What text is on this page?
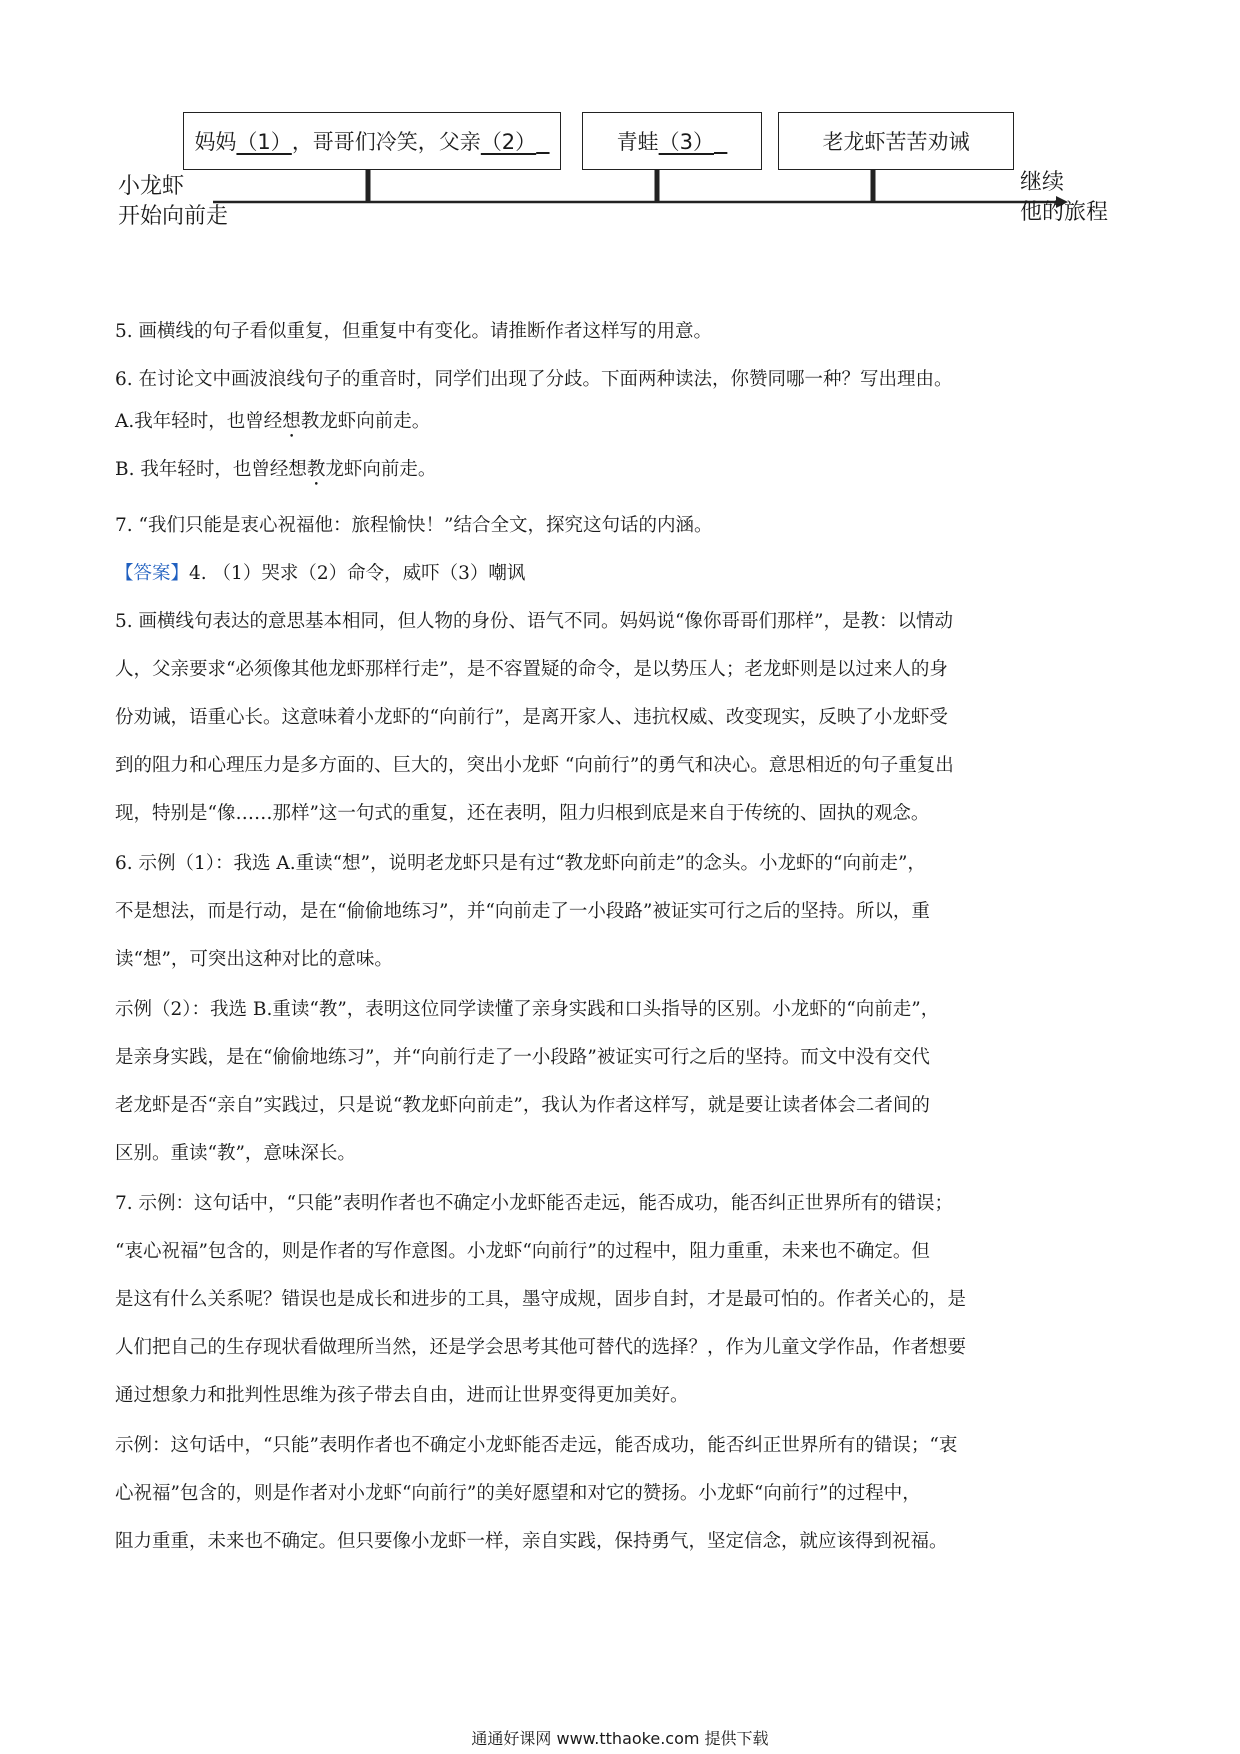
妈妈 （1） ，哥哥们冷笑，父亲 （2）
	青蛙 （3）
	老龙虾苦苦劝诫
小龙虾
开始向前走
继续
他的旅程
5. 画横线的句子看似重复，但重复中有变化。请推断作者这样写的用意。
6. 在讨论文中画波浪线句子的重音时，同学们出现了分歧。下面两种读法，你赞同哪一种？写出理由。
A.我年轻时，也曾经想教龙虾向前走。
B. 我年轻时，也曾经想教龙虾向前走。
7. “我们只能是衷心祝福他：旅程愉快！”结合全文，探究这句话的内涵。
【答案】4. （1）哭求（2）命令，威吓（3）嘲讽
5. 画横线句表达的意思基本相同，但人物的身份、语气不同。妈妈说“像你哥哥们那样”，是教：以情动
人，父亲要求“必须像其他龙虾那样行走”，是不容置疑的命令，是以势压人；老龙虾则是以过来人的身
份劝诫，语重心长。这意味着小龙虾的“向前行”，是离开家人、违抗权威、改变现实，反映了小龙虾受
到的阻力和心理压力是多方面的、巨大的，突出小龙虾 “向前行”的勇气和决心。意思相近的句子重复出
现，特别是“像……那样”这一句式的重复，还在表明，阻力归根到底是来自于传统的、固执的观念。
6. 示例（1）：我选 A.重读“想”，说明老龙虾只是有过“教龙虾向前走”的念头。小龙虾的“向前走”，
不是想法，而是行动，是在“偷偷地练习”，并“向前走了一小段路”被证实可行之后的坚持。所以，重
读“想”，可突出这种对比的意味。
示例（2）：我选 B.重读“教”，表明这位同学读懂了亲身实践和口头指导的区别。小龙虾的“向前走”，
是亲身实践，是在“偷偷地练习”，并“向前行走了一小段路”被证实可行之后的坚持。而文中没有交代
老龙虾是否“亲自”实践过，只是说“教龙虾向前走”，我认为作者这样写，就是要让读者体会二者间的
区别。重读“教”，意味深长。
7. 示例：这句话中，“只能”表明作者也不确定小龙虾能否走远，能否成功，能否纠正世界所有的错误；
“衷心祝福”包含的，则是作者的写作意图。小龙虾“向前行”的过程中，阻力重重，未来也不确定。但
是这有什么关系呢？错误也是成长和进步的工具，墨守成规，固步自封，才是最可怕的。作者关心的，是
人们把自己的生存现状看做理所当然，还是学会思考其他可替代的选择？，作为儿童文学作品，作者想要
通过想象力和批判性思维为孩子带去自由，进而让世界变得更加美好。
示例：这句话中，“只能”表明作者也不确定小龙虾能否走远，能否成功，能否纠正世界所有的错误；“衷
心祝福”包含的，则是作者对小龙虾“向前行”的美好愿望和对它的赞扬。小龙虾“向前行”的过程中，
阻力重重，未来也不确定。但只要像小龙虾一样，亲自实践，保持勇气，坚定信念，就应该得到祝福。
通通好课网 www.tthaoke.com 提供下载
